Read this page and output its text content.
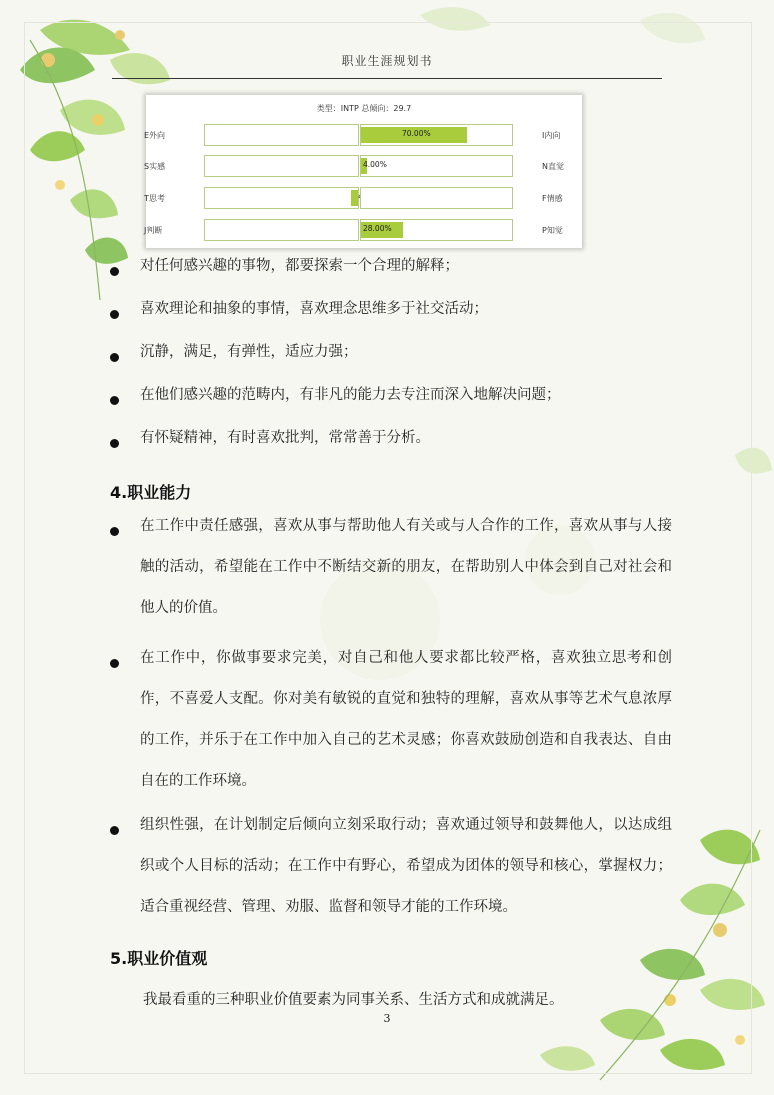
职业生涯规划书
类型：INTP 总倾向：29.7
E外向	70.00%	I内向
S实感	4.00%	N直觉
T思考	F情感
J判断	28.00%	P知觉
对任何感兴趣的事物，都要探索一个合理的解释；
喜欢理论和抽象的事情，喜欢理念思维多于社交活动；
沉静，满足，有弹性，适应力强；
在他们感兴趣的范畴内，有非凡的能力去专注而深入地解决问题；
有怀疑精神，有时喜欢批判，常常善于分析。
4.职业能力
在工作中责任感强，喜欢从事与帮助他人有关或与人合作的工作，喜欢从事与人接触的活动，希望能在工作中不断结交新的朋友，在帮助别人中体会到自己对社会和他人的价值。
在工作中，你做事要求完美，对自己和他人要求都比较严格，喜欢独立思考和创作，不喜爱人支配。你对美有敏锐的直觉和独特的理解，喜欢从事等艺术气息浓厚的工作，并乐于在工作中加入自己的艺术灵感；你喜欢鼓励创造和自我表达、自由自在的工作环境。
组织性强，在计划制定后倾向立刻采取行动；喜欢通过领导和鼓舞他人，以达成组织或个人目标的活动；在工作中有野心，希望成为团体的领导和核心，掌握权力；适合重视经营、管理、劝服、监督和领导才能的工作环境。
5.职业价值观
我最看重的三种职业价值要素为同事关系、生活方式和成就满足。
3
